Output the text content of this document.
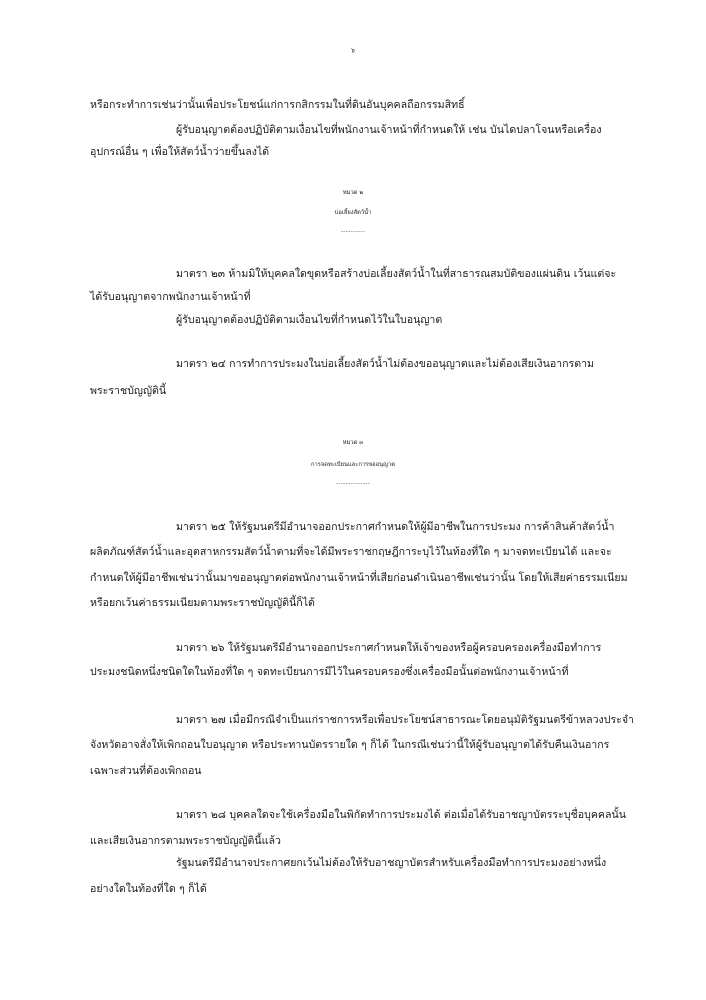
๖
หรือกระทำการเช่นว่านั้นเพื่อประโยชน์แก่การกสิกรรมในที่ดินอันบุคคลถือกรรมสิทธิ์
ผู้รับอนุญาตต้องปฏิบัติตามเงื่อนไขที่พนักงานเจ้าหน้าที่กำหนดให้ เช่น บันไดปลาโจนหรือเครื่อง
อุปกรณ์อื่น ๆ เพื่อให้สัตว์น้ำว่ายขึ้นลงได้
หมวด ๒
บ่อเลี้ยงสัตว์น้ำ
----------
มาตรา ๒๓ ห้ามมิให้บุคคลใดขุดหรือสร้างบ่อเลี้ยงสัตว์น้ำในที่สาธารณสมบัติของแผ่นดิน เว้นแต่จะ
ได้รับอนุญาตจากพนักงานเจ้าหน้าที่
ผู้รับอนุญาตต้องปฏิบัติตามเงื่อนไขที่กำหนดไว้ในใบอนุญาต
มาตรา ๒๔ การทำการประมงในบ่อเลี้ยงสัตว์น้ำไม่ต้องขออนุญาตและไม่ต้องเสียเงินอากรตาม
พระราชบัญญัตินี้
หมวด ๓
การจดทะเบียนและการขออนุญาต
--------------
มาตรา ๒๕ ให้รัฐมนตรีมีอำนาจออกประกาศกำหนดให้ผู้มีอาชีพในการประมง การค้าสินค้าสัตว์น้ำ
ผลิตภัณฑ์สัตว์น้ำและอุตสาหกรรมสัตว์น้ำตามที่จะได้มีพระราชกฤษฎีการะบุไว้ในท้องที่ใด ๆ มาจดทะเบียนได้ และจะ
กำหนดให้ผู้มีอาชีพเช่นว่านั้นมาขออนุญาตต่อพนักงานเจ้าหน้าที่เสียก่อนดำเนินอาชีพเช่นว่านั้น โดยให้เสียค่าธรรมเนียม
หรือยกเว้นค่าธรรมเนียมตามพระราชบัญญัตินี้ก็ได้
มาตรา ๒๖ ให้รัฐมนตรีมีอำนาจออกประกาศกำหนดให้เจ้าของหรือผู้ครอบครองเครื่องมือทำการ
ประมงชนิดหนึ่งชนิดใดในท้องที่ใด ๆ จดทะเบียนการมีไว้ในครอบครองซึ่งเครื่องมือนั้นต่อพนักงานเจ้าหน้าที่
มาตรา ๒๗ เมื่อมีกรณีจำเป็นแก่ราชการหรือเพื่อประโยชน์สาธารณะโดยอนุมัติรัฐมนตรีข้าหลวงประจำ
จังหวัดอาจสั่งให้เพิกถอนใบอนุญาต หรือประทานบัตรรายใด ๆ ก็ได้ ในกรณีเช่นว่านี้ให้ผู้รับอนุญาตได้รับคืนเงินอากร
เฉพาะส่วนที่ต้องเพิกถอน
มาตรา ๒๘ บุคคลใดจะใช้เครื่องมือในพิกัดทำการประมงได้ ต่อเมื่อได้รับอาชญาบัตรระบุชื่อบุคคลนั้น
และเสียเงินอากรตามพระราชบัญญัตินี้แล้ว
รัฐมนตรีมีอำนาจประกาศยกเว้นไม่ต้องให้รับอาชญาบัตรสำหรับเครื่องมือทำการประมงอย่างหนึ่ง
อย่างใดในท้องที่ใด ๆ ก็ได้
